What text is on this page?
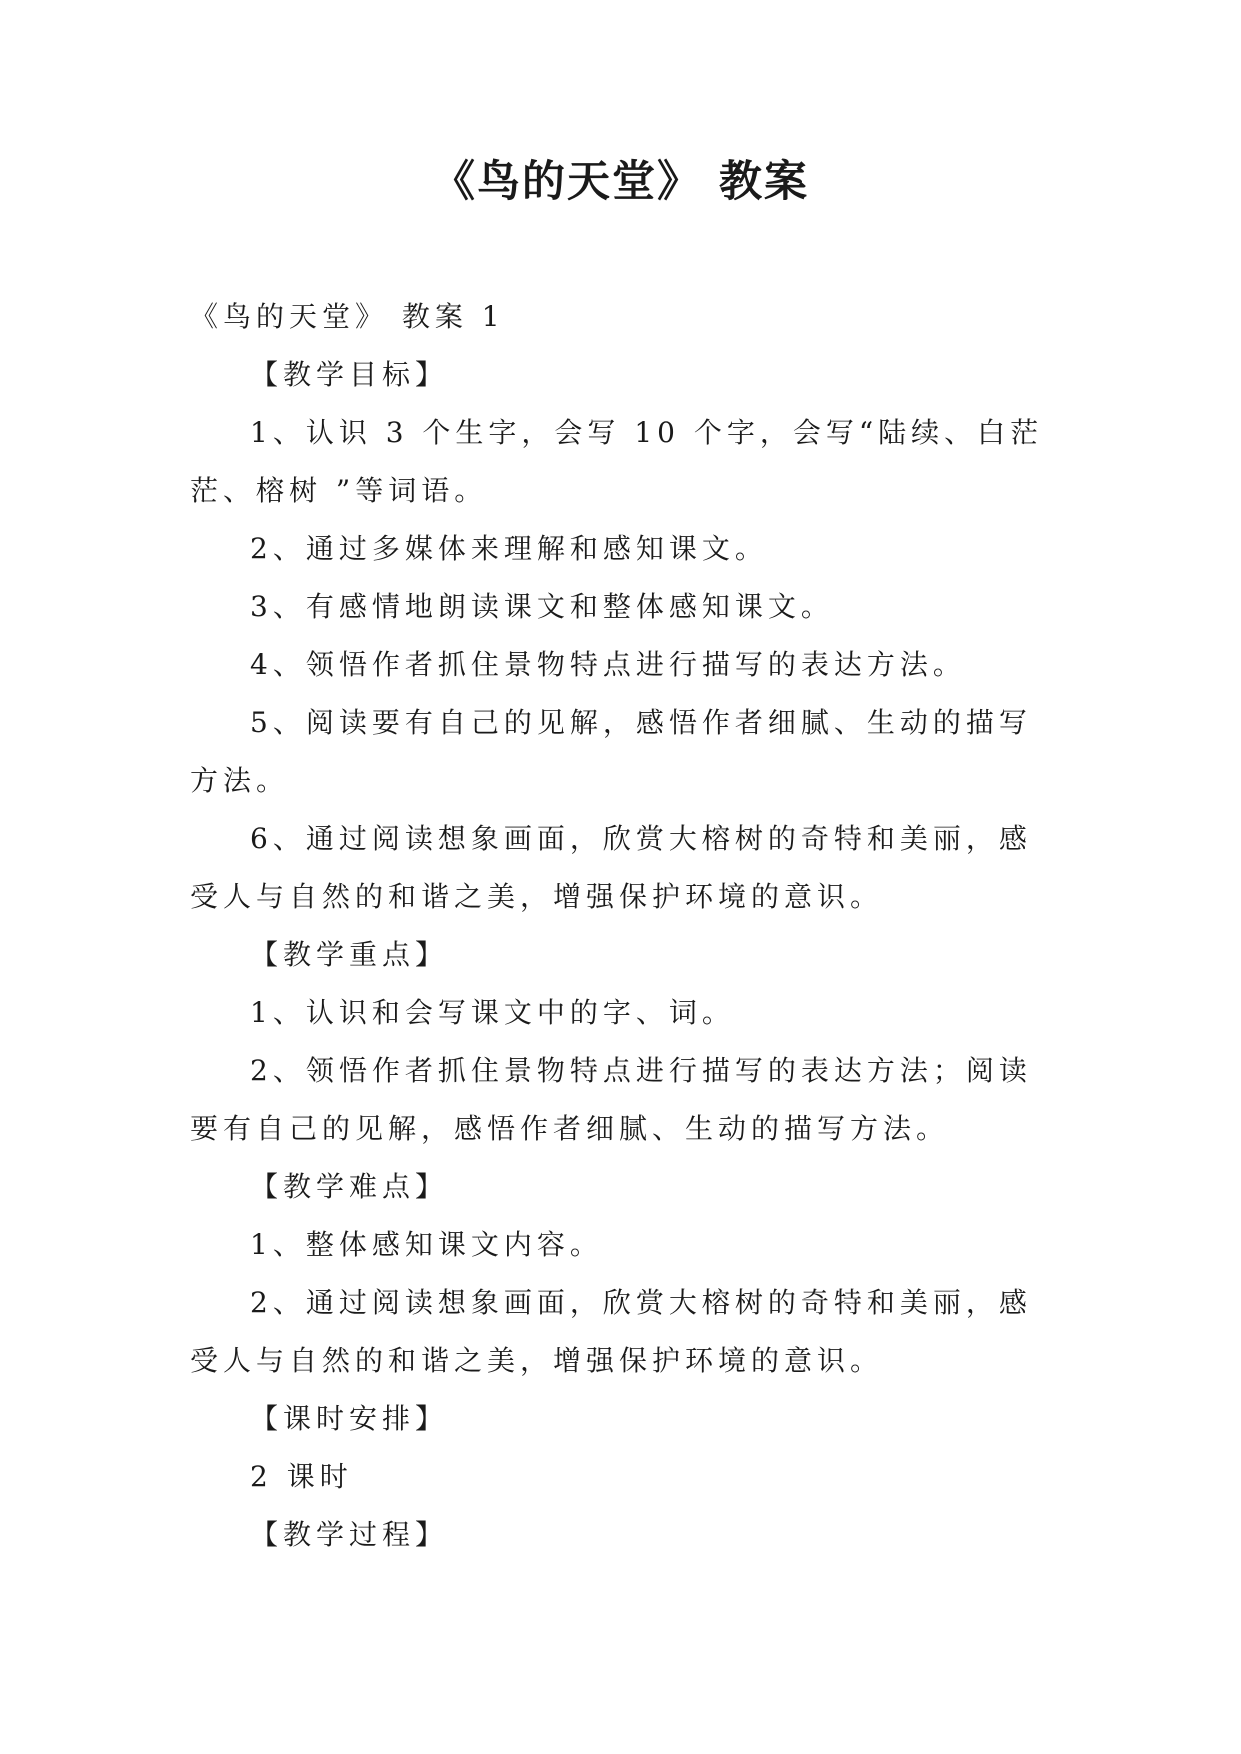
《鸟的天堂》 教案

《鸟的天堂》 教案 1

【教学目标】

1、认识 3 个生字，会写 10 个字，会写“陆续、白茫茫、榕树 ”等词语。

2、通过多媒体来理解和感知课文。

3、有感情地朗读课文和整体感知课文。

4、领悟作者抓住景物特点进行描写的表达方法。

5、阅读要有自己的见解，感悟作者细腻、生动的描写方法。

6、通过阅读想象画面，欣赏大榕树的奇特和美丽，感受人与自然的和谐之美，增强保护环境的意识。

【教学重点】

1、认识和会写课文中的字、词。

2、领悟作者抓住景物特点进行描写的表达方法；阅读要有自己的见解，感悟作者细腻、生动的描写方法。

【教学难点】

1、整体感知课文内容。

2、通过阅读想象画面，欣赏大榕树的奇特和美丽，感受人与自然的和谐之美，增强保护环境的意识。

【课时安排】

2 课时

【教学过程】
